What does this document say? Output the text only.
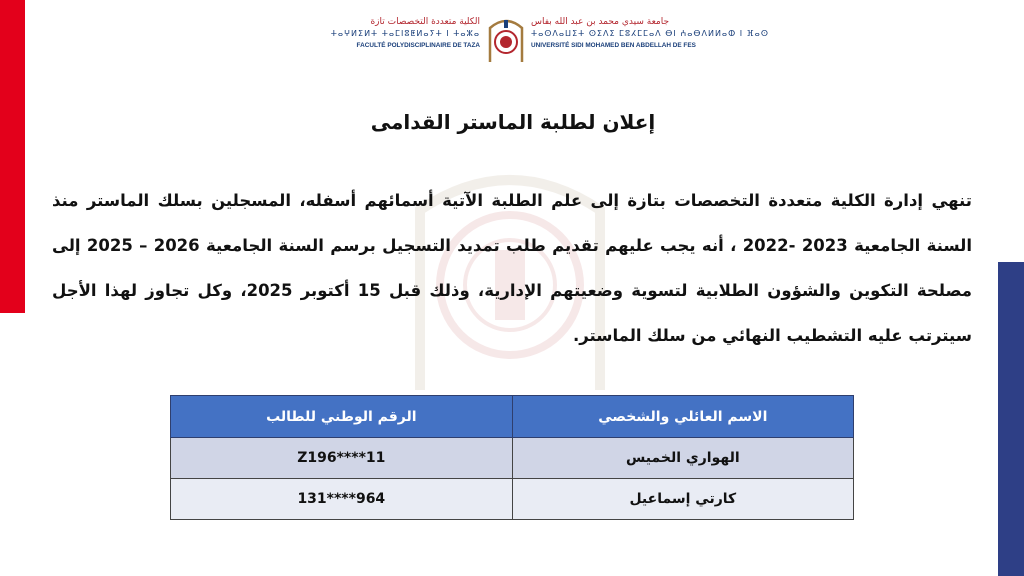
الكلية متعددة التخصصات تازة
ⵜⴰⵖⵍⵉⵍⵜ ⵜⴰⵎⵏⵓⵟⵍⴰⵢⵜ ⵏ ⵜⴰⵣⴰ
FACULTÉ POLYDISCIPLINAIRE DE TAZA
جامعة سيدي محمد بن عبد الله بفاس
ⵜⴰⵙⴷⴰⵡⵉⵜ ⵙⵉⴷⵉ ⵎⵓⵃⵎⵎⴰⴷ ⴱⵏ ⵄⴰⴱⴷⵍⵍⴰⵀ ⵏ ⴼⴰⵙ
UNIVERSITÉ SIDI MOHAMED BEN ABDELLAH DE FES
إعلان لطلبة الماستر القدامى
تنهي إدارة الكلية متعددة التخصصات بتازة إلى علم الطلبة الآتية أسمائهم أسفله، المسجلين بسلك الماستر منذ السنة الجامعية 2023 -2022 ، أنه يجب عليهم تقديم طلب تمديد التسجيل برسم السنة الجامعية 2026 – 2025 إلى مصلحة التكوين والشؤون الطلابية لتسوية وضعيتهم الإدارية، وذلك قبل 15 أكتوبر 2025، وكل تجاوز لهذا الأجل سيترتب عليه التشطيب النهائي من سلك الماستر.
الاسم العائلي والشخصي	الرقم الوطني للطالب
الهواري الخميس	Z196****11
كارتي إسماعيل	131****964
